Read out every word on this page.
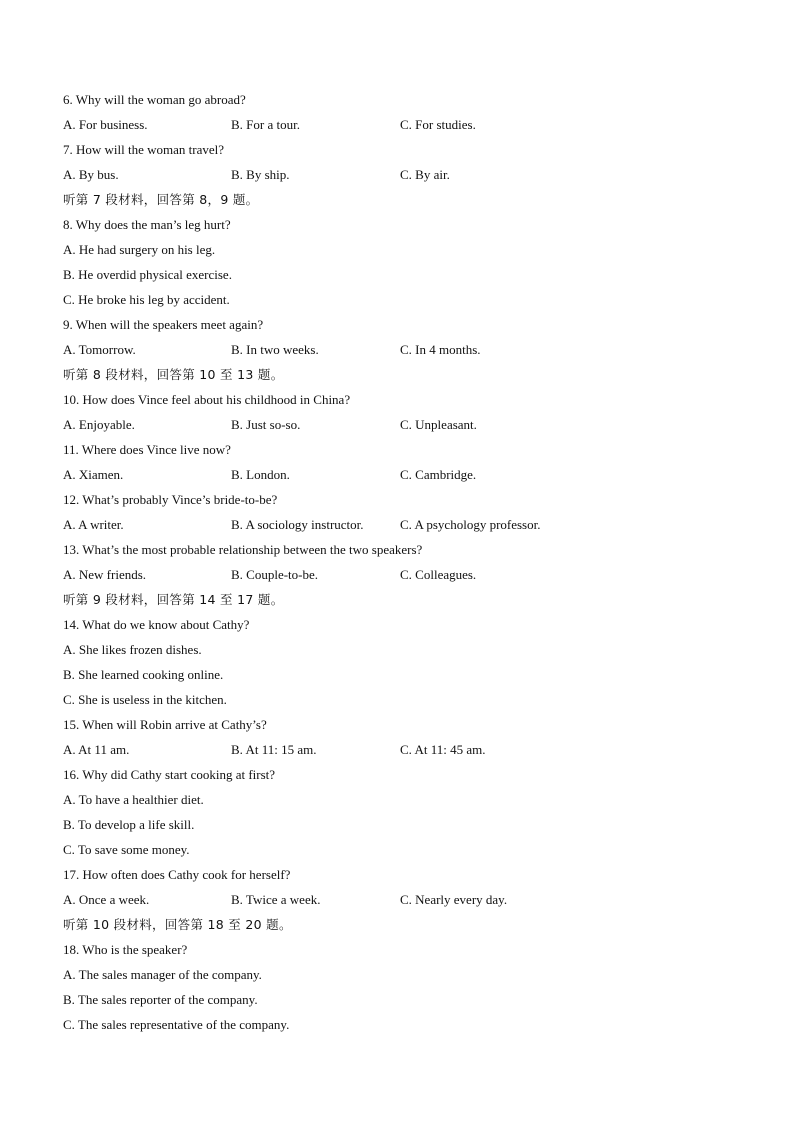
6. Why will the woman go abroad?
A. For business.	B. For a tour.	C. For studies.
7. How will the woman travel?
A. By bus.	B. By ship.	C. By air.
听第 7 段材料，回答第 8，9 题。
8. Why does the man’s leg hurt?
A. He had surgery on his leg.
B. He overdid physical exercise.
C. He broke his leg by accident.
9. When will the speakers meet again?
A. Tomorrow.	B. In two weeks.	C. In 4 months.
听第 8 段材料，回答第 10 至 13 题。
10. How does Vince feel about his childhood in China?
A. Enjoyable.	B. Just so-so.	C. Unpleasant.
11. Where does Vince live now?
A. Xiamen.	B. London.	C. Cambridge.
12. What’s probably Vince’s bride-to-be?
A. A writer.	B. A sociology instructor.	C. A psychology professor.
13. What’s the most probable relationship between the two speakers?
A. New friends.	B. Couple-to-be.	C. Colleagues.
听第 9 段材料，回答第 14 至 17 题。
14. What do we know about Cathy?
A. She likes frozen dishes.
B. She learned cooking online.
C. She is useless in the kitchen.
15. When will Robin arrive at Cathy’s?
A. At 11 am.	B. At 11: 15 am.	C. At 11: 45 am.
16. Why did Cathy start cooking at first?
A. To have a healthier diet.
B. To develop a life skill.
C. To save some money.
17. How often does Cathy cook for herself?
A. Once a week.	B. Twice a week.	C. Nearly every day.
听第 10 段材料，回答第 18 至 20 题。
18. Who is the speaker?
A. The sales manager of the company.
B. The sales reporter of the company.
C. The sales representative of the company.
